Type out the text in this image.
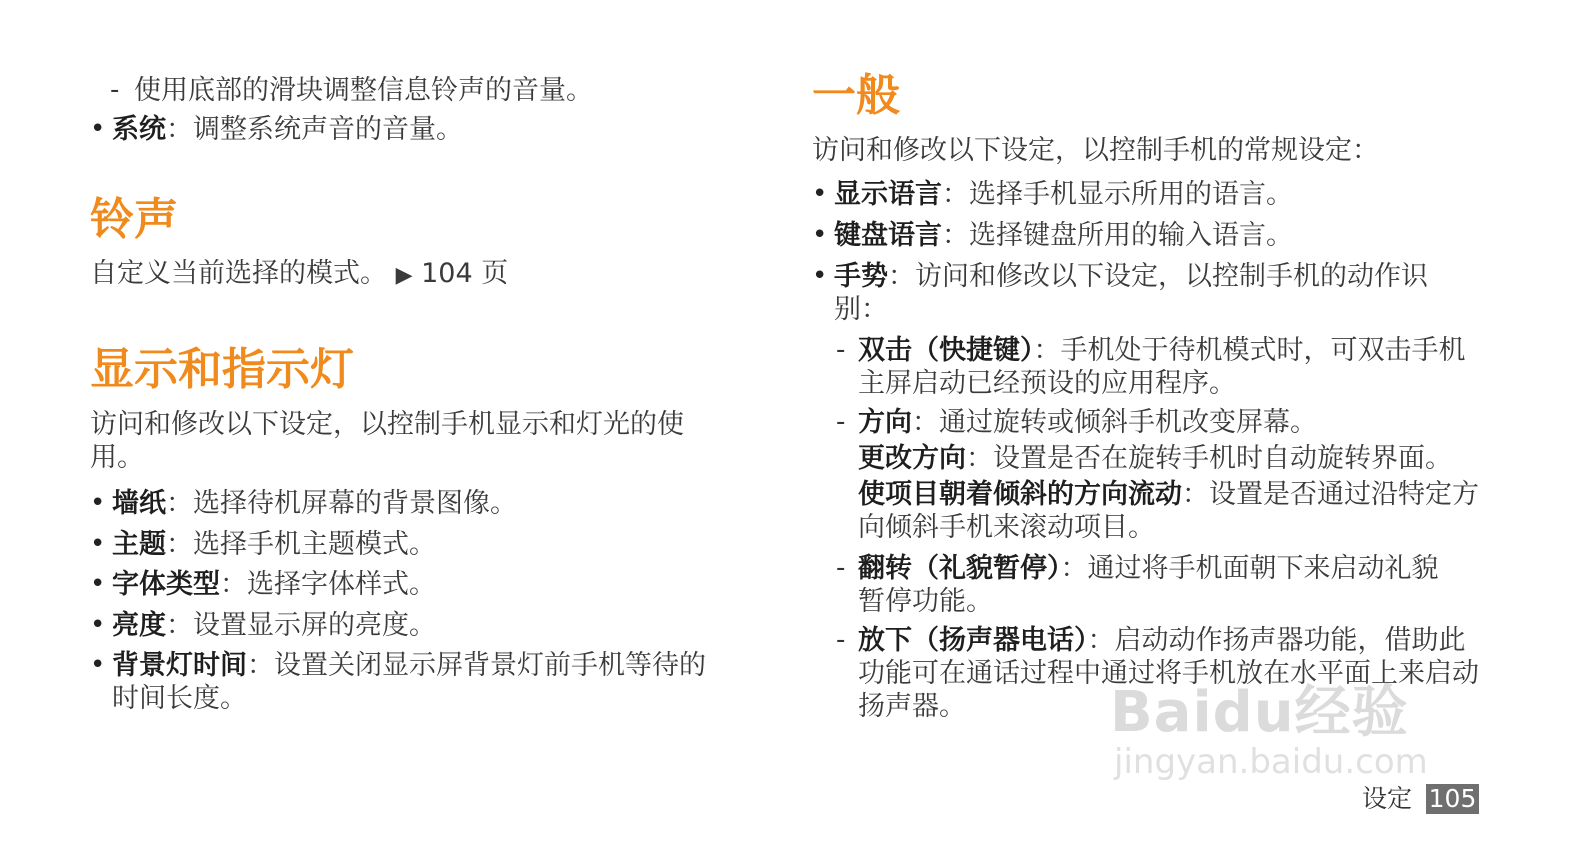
- 使用底部的滑块调整信息铃声的音量。
• 系统：调整系统声音的音量。
铃声
自定义当前选择的模式。 ▶ 104 页
显示和指示灯
访问和修改以下设定，以控制手机显示和灯光的使用。
• 墙纸：选择待机屏幕的背景图像。
• 主题：选择手机主题模式。
• 字体类型：选择字体样式。
• 亮度：设置显示屏的亮度。
• 背景灯时间：设置关闭显示屏背景灯前手机等待的时间长度。
一般
访问和修改以下设定，以控制手机的常规设定：
• 显示语言：选择手机显示所用的语言。
• 键盘语言：选择键盘所用的输入语言。
• 手势：访问和修改以下设定，以控制手机的动作识别：
- 双击（快捷键）：手机处于待机模式时，可双击手机主屏启动已经预设的应用程序。
- 方向：通过旋转或倾斜手机改变屏幕。
更改方向：设置是否在旋转手机时自动旋转界面。
使项目朝着倾斜的方向流动：设置是否通过沿特定方向倾斜手机来滚动项目。
- 翻转（礼貌暂停）：通过将手机面朝下来启动礼貌暂停功能。
- 放下（扬声器电话）：启动动作扬声器功能，借助此功能可在通话过程中通过将手机放在水平面上来启动扬声器。	Baidu经验
jingyan.baidu.com
设定 105
